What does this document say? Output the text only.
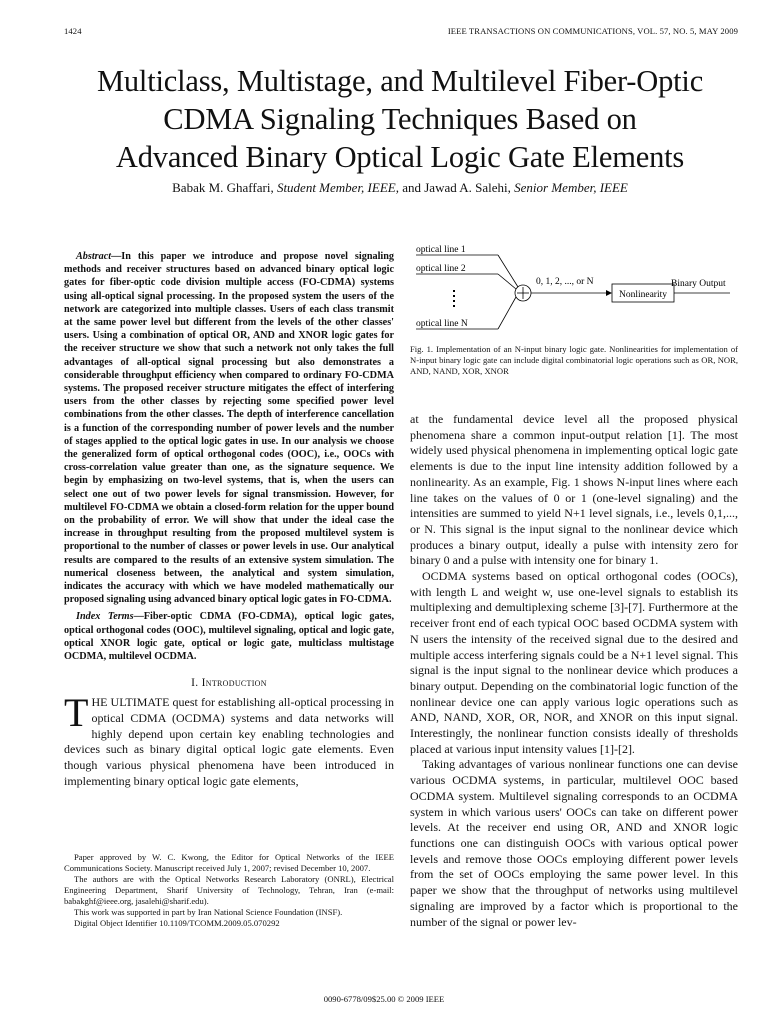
1424	IEEE TRANSACTIONS ON COMMUNICATIONS, VOL. 57, NO. 5, MAY 2009
Multiclass, Multistage, and Multilevel Fiber-Optic
CDMA Signaling Techniques Based on
Advanced Binary Optical Logic Gate Elements
Babak M. Ghaffari, Student Member, IEEE, and Jawad A. Salehi, Senior Member, IEEE

Abstract—In this paper we introduce and propose novel signaling methods and receiver structures based on advanced binary optical logic gates for fiber-optic code division multiple access (FO-CDMA) systems using all-optical signal processing. In the proposed system the users of the network are categorized into multiple classes. Users of each class transmit at the same power level but different from the levels of the other classes' users. Using a combination of optical OR, AND and XNOR logic gates for the receiver structure we show that such a network not only takes the full advantages of all-optical signal processing but also demonstrates a considerable throughput efficiency when compared to ordinary FO-CDMA systems. The proposed receiver structure mitigates the effect of interfering users from the other classes by rejecting some specified power level combinations from the other classes. The depth of interference cancellation is a function of the corresponding number of power levels and the number of stages applied to the optical logic gates in use. In our analysis we choose the generalized form of optical orthogonal codes (OOC), i.e., OOCs with cross-correlation value greater than one, as the signature sequence. We begin by emphasizing on two-level systems, that is, when the users can select one out of two power levels for signal transmission. However, for multilevel FO-CDMA we obtain a closed-form relation for the upper bound on the probability of error. We will show that under the ideal case the increase in throughput resulting from the proposed multilevel system is proportional to the number of classes or power levels in use. Our analytical results are compared to the results of an extensive system simulation. The numerical closeness between, the analytical and system simulation, indicates the accuracy with which we have modeled mathematically our proposed signaling using advanced binary optical logic gates in FO-CDMA.

Index Terms—Fiber-optic CDMA (FO-CDMA), optical logic gates, optical orthogonal codes (OOC), multilevel signaling, optical and logic gate, optical XNOR logic gate, optical or logic gate, multiclass multistage OCDMA, multilevel OCDMA.

I. Introduction

THE ULTIMATE quest for establishing all-optical processing in optical CDMA (OCDMA) systems and data networks will highly depend upon certain key enabling technologies and devices such as binary digital optical logic gate elements. Even though various physical phenomena have been introduced in implementing binary optical logic gate elements,

Paper approved by W. C. Kwong, the Editor for Optical Networks of the IEEE Communications Society. Manuscript received July 1, 2007; revised December 10, 2007.

The authors are with the Optical Networks Research Laboratory (ONRL), Electrical Engineering Department, Sharif University of Technology, Tehran, Iran (e-mail: babakghf@ieee.org, jasalehi@sharif.edu).

This work was supported in part by Iran National Science Foundation (INSF).

Digital Object Identifier 10.1109/TCOMM.2009.05.070292

optical line 1
optical line 2
optical line N
0, 1, 2, ..., or N
Nonlinearity
Binary Output
Fig. 1. Implementation of an N-input binary logic gate. Nonlinearities for implementation of N-input binary logic gate can include digital combinatorial logic operations such as OR, NOR, AND, NAND, XOR, XNOR

at the fundamental device level all the proposed physical phenomena share a common input-output relation [1]. The most widely used physical phenomena in implementing optical logic gate elements is due to the input line intensity addition followed by a nonlinearity. As an example, Fig. 1 shows N-input lines where each line takes on the values of 0 or 1 (one-level signaling) and the intensities are summed to yield N+1 level signals, i.e., levels 0,1,..., or N. This signal is the input signal to the nonlinear device which produces a binary output, ideally a pulse with intensity zero for binary 0 and a pulse with intensity one for binary 1.

OCDMA systems based on optical orthogonal codes (OOCs), with length L and weight w, use one-level signals to establish its multiplexing and demultiplexing scheme [3]-[7]. Furthermore at the receiver front end of each typical OOC based OCDMA system with N users the intensity of the received signal due to the desired and multiple access interfering signals could be a N+1 level signal. This signal is the input signal to the nonlinear device which produces a binary output. Depending on the combinatorial logic function of the nonlinear device one can apply various logic operations such as AND, NAND, XOR, OR, NOR, and XNOR on this input signal. Interestingly, the nonlinear function consists ideally of thresholds placed at various input intensity values [1]-[2].

Taking advantages of various nonlinear functions one can devise various OCDMA systems, in particular, multilevel OOC based OCDMA system. Multilevel signaling corresponds to an OCDMA system in which various users' OOCs can take on different power levels. At the receiver end using OR, AND and XNOR logic functions one can distinguish OOCs with various optical power levels and remove those OOCs employing different power levels from the set of OOCs employing the same power level. In this paper we show that the throughput of networks using multilevel signaling are improved by a factor which is proportional to the number of the signal or power lev-

0090-6778/09$25.00 © 2009 IEEE
